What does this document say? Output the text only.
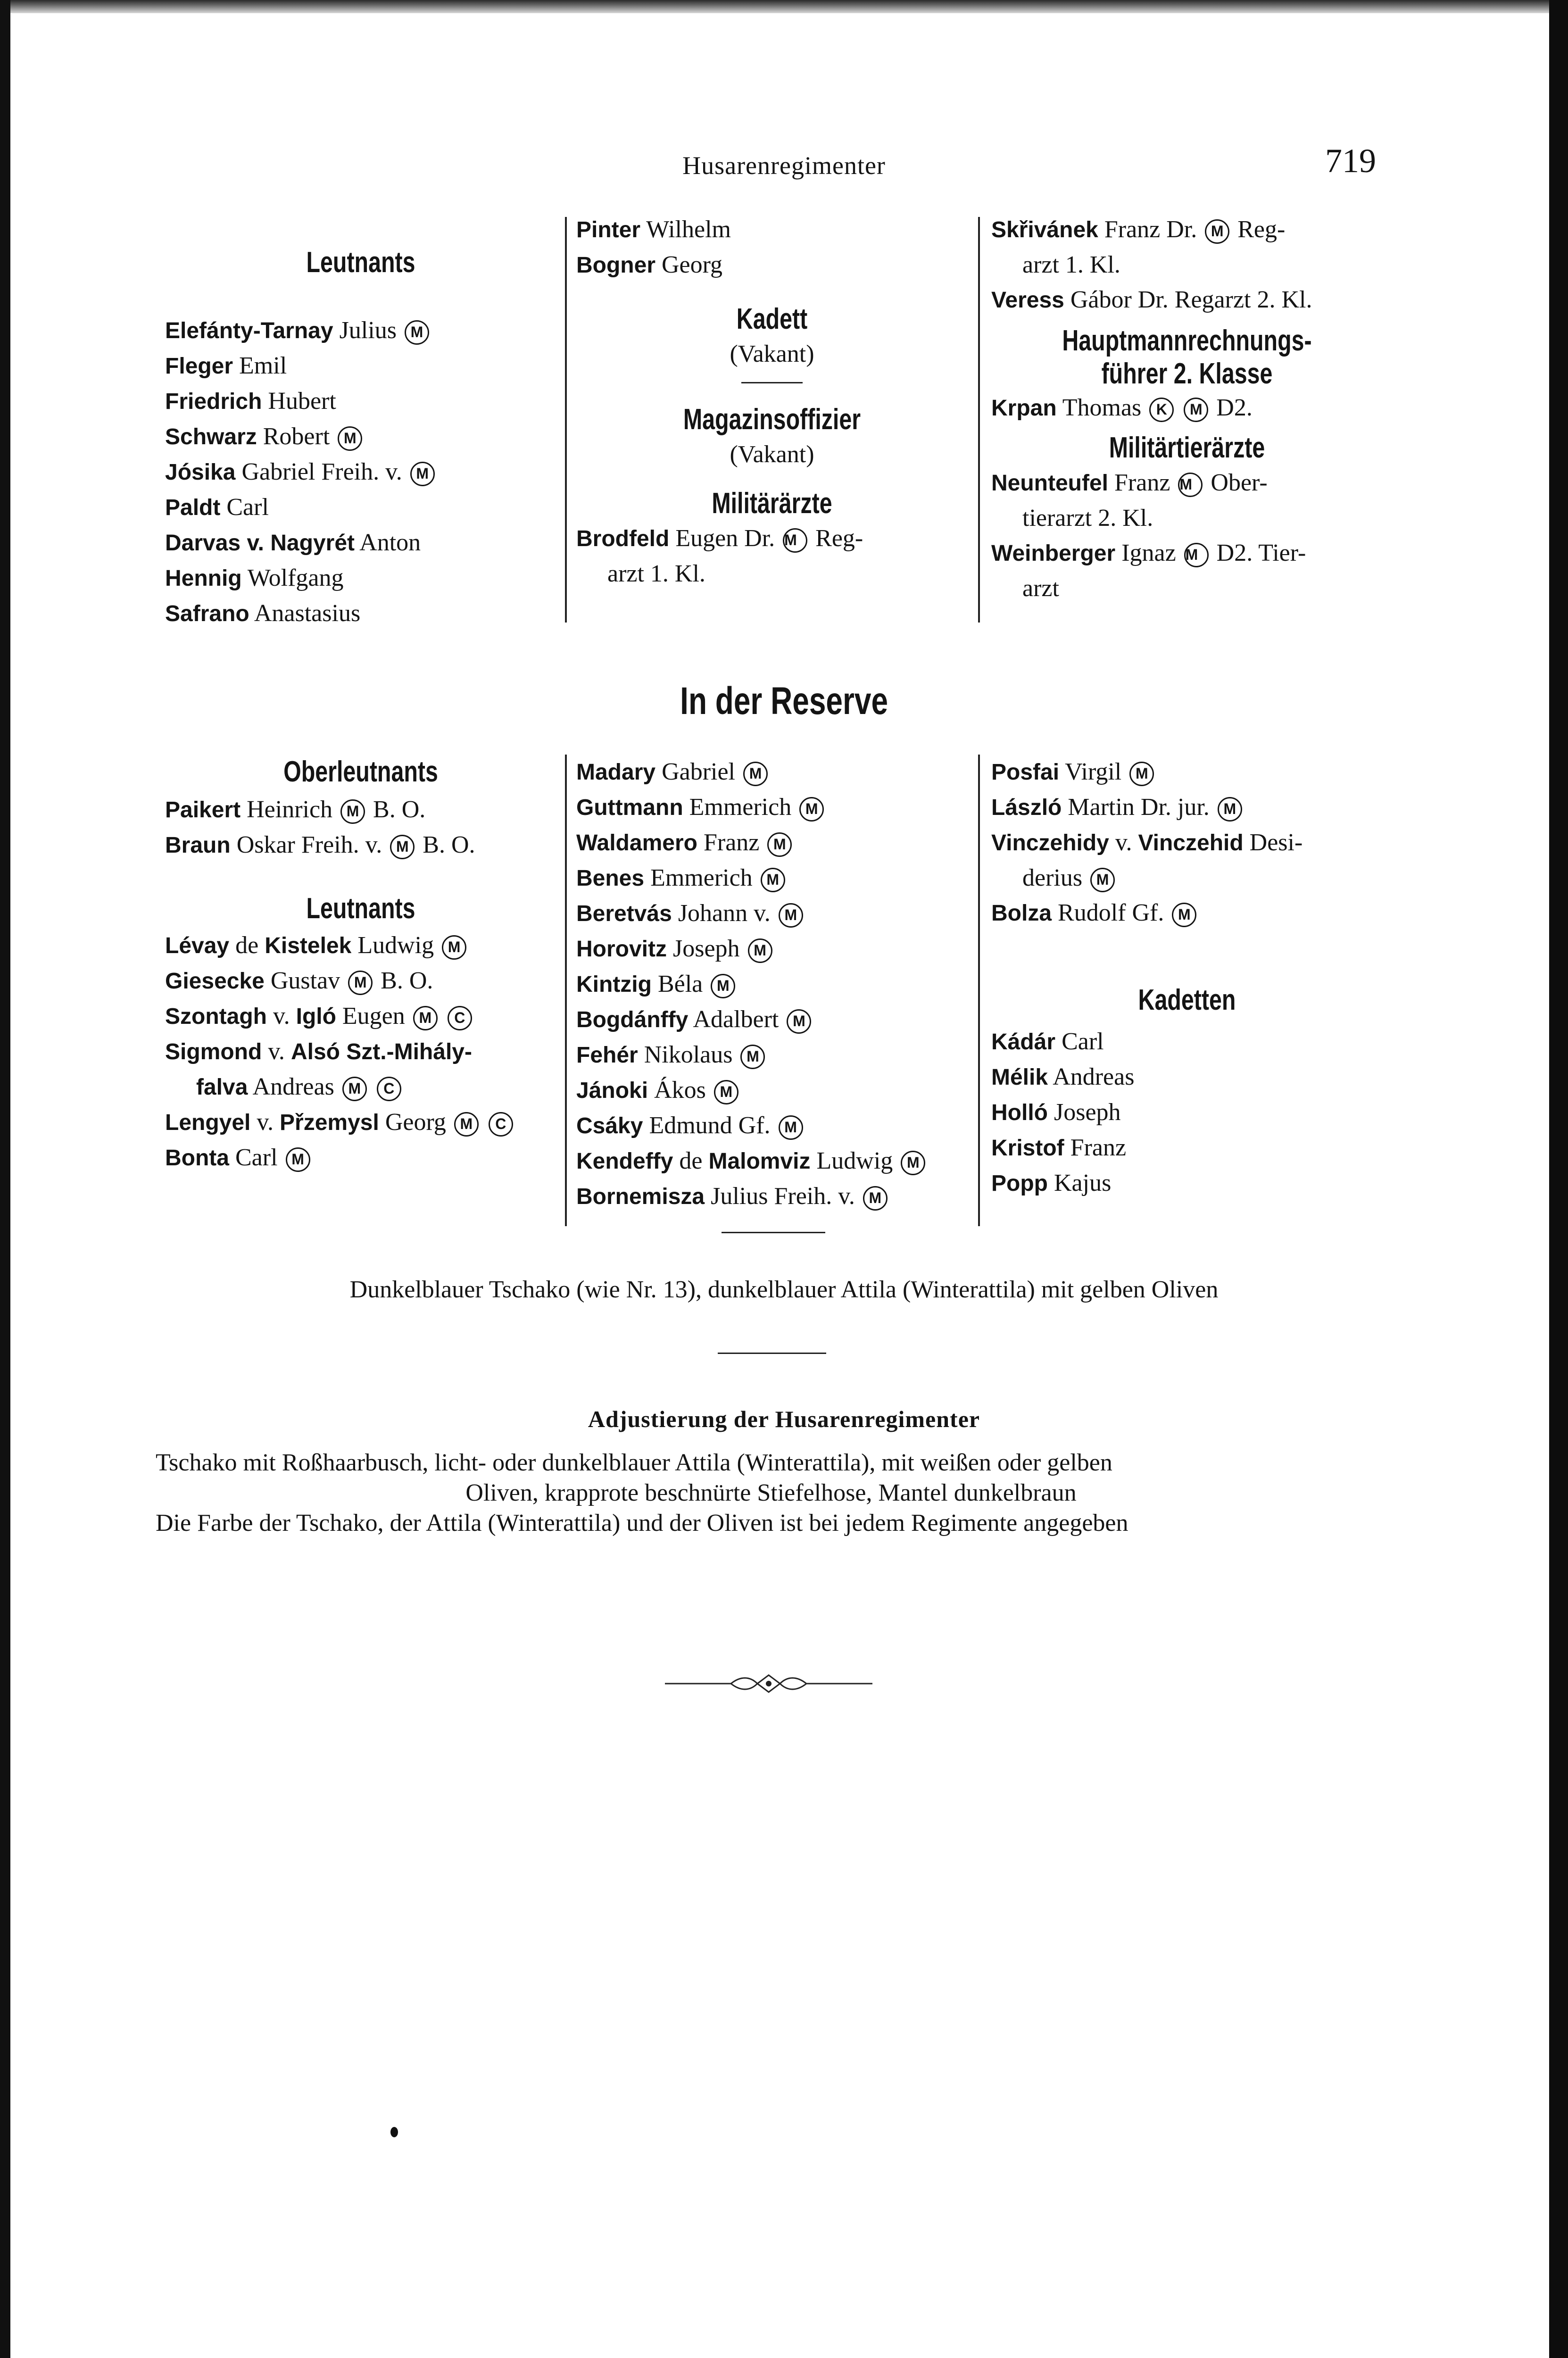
Husarenregimenter	719
Leutnants
Elefánty-Tarnay Julius M
Fleger Emil
Friedrich Hubert
Schwarz Robert M
Jósika Gabriel Freih. v. M
Paldt Carl
Darvas v. Nagyrét Anton
Hennig Wolfgang
Safrano Anastasius
Pinter Wilhelm
Bogner Georg
Kadett
(Vakant)
Magazinsoffizier
(Vakant)
Militärärzte
Brodfeld Eugen Dr. M Reg-
arzt 1. Kl.
Skřivánek Franz Dr. M Reg-
arzt 1. Kl.
Veress Gábor Dr. Regarzt 2. Kl.
Hauptmannrechnungs-
führer 2. Klasse
Krpan Thomas K M D2.
Militärtierärzte
Neunteufel Franz M Ober-
tierarzt 2. Kl.
Weinberger Ignaz M D2. Tier-
arzt
In der Reserve
Oberleutnants
Paikert Heinrich M B. O.
Braun Oskar Freih. v. M B. O.
Leutnants
Lévay de Kistelek Ludwig M
Giesecke Gustav M B. O.
Szontagh v. Igló Eugen M C
Sigmond v. Alsó Szt.-Mihály-
falva Andreas M C
Lengyel v. Přzemysl Georg M C
Bonta Carl M
Madary Gabriel M
Guttmann Emmerich M
Waldamero Franz M
Benes Emmerich M
Beretvás Johann v. M
Horovitz Joseph M
Kintzig Béla M
Bogdánffy Adalbert M
Fehér Nikolaus M
Jánoki Ákos M
Csáky Edmund Gf. M
Kendeffy de Malomviz Ludwig M
Bornemisza Julius Freih. v. M
Posfai Virgil M
László Martin Dr. jur. M
Vinczehidy v. Vinczehid Desi-
derius M
Bolza Rudolf Gf. M
Kadetten
Kádár Carl
Mélik Andreas
Holló Joseph
Kristof Franz
Popp Kajus
Dunkelblauer Tschako (wie Nr. 13), dunkelblauer Attila (Winterattila) mit gelben Oliven
Adjustierung der Husarenregimenter
Tschako mit Roßhaarbusch, licht- oder dunkelblauer Attila (Winterattila), mit weißen oder gelben
Oliven, krapprote beschnürte Stiefelhose, Mantel dunkelbraun
Die Farbe der Tschako, der Attila (Winterattila) und der Oliven ist bei jedem Regimente angegeben
